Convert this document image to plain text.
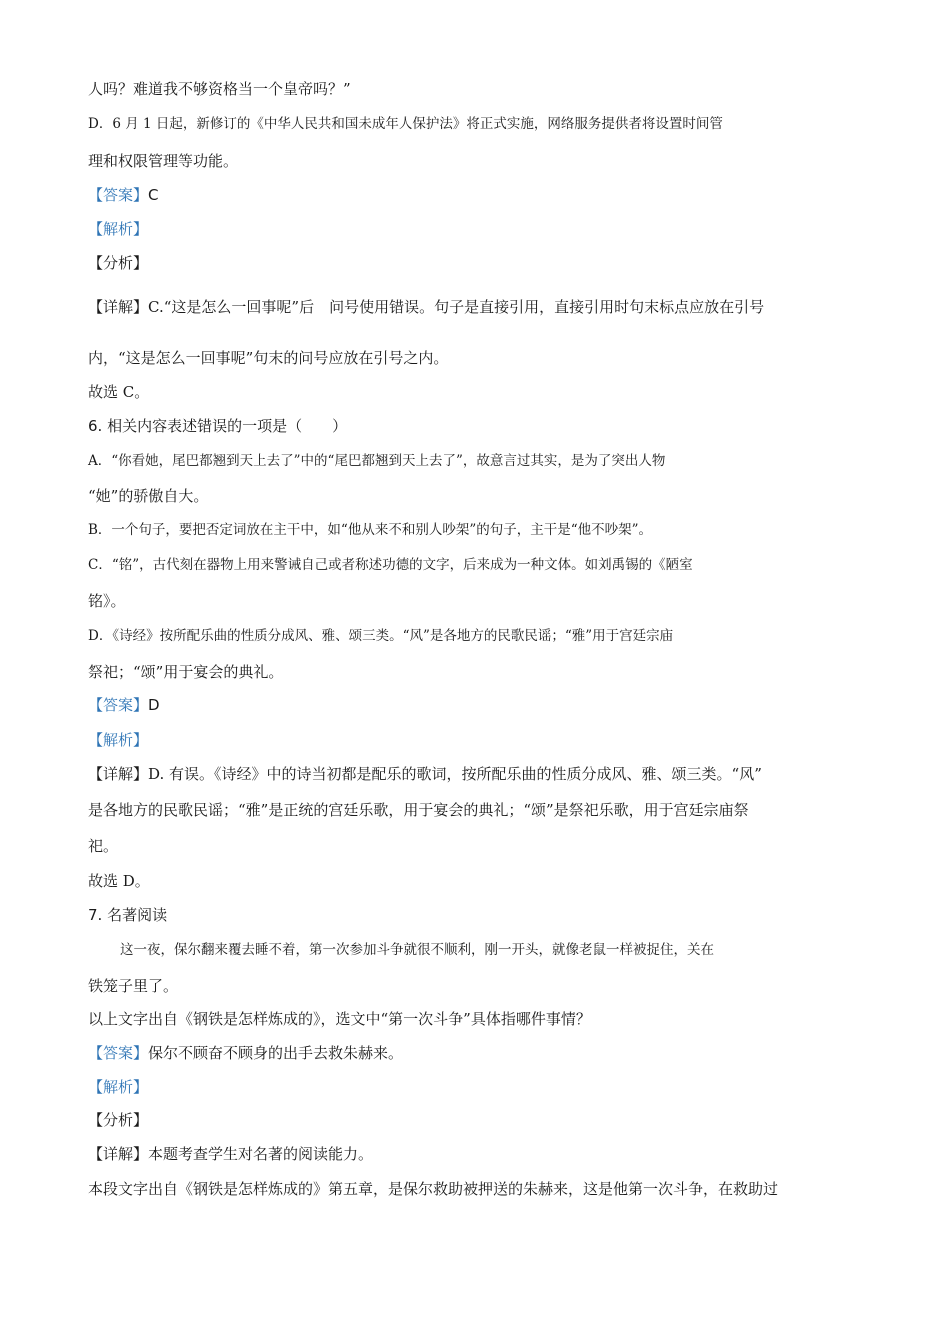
人吗？难道我不够资格当一个皇帝吗？”
D．6 月 1 日起，新修订的《中华人民共和国未成年人保护法》将正式实施，网络服务提供者将设置时间管
理和权限管理等功能。
【答案】C
【解析】
【分析】
【详解】C.“这是怎么一回事呢”后　问号使用错误。句子是直接引用，直接引用时句末标点应放在引号
内，“这是怎么一回事呢”句末的问号应放在引号之内。
故选 C。
6. 相关内容表述错误的一项是（　　）
A．“你看她，尾巴都翘到天上去了”中的“尾巴都翘到天上去了”，故意言过其实，是为了突出人物
“她”的骄傲自大。
B．一个句子，要把否定词放在主干中，如“他从来不和别人吵架”的句子，主干是“他不吵架”。
C．“铭”，古代刻在器物上用来警诫自己或者称述功德的文字，后来成为一种文体。如刘禹锡的《陋室
铭》。
D．《诗经》按所配乐曲的性质分成风、雅、颂三类。“风”是各地方的民歌民谣；“雅”用于宫廷宗庙
祭祀；“颂”用于宴会的典礼。
【答案】D
【解析】
【详解】D. 有误。《诗经》中的诗当初都是配乐的歌词，按所配乐曲的性质分成风、雅、颂三类。“风”
是各地方的民歌民谣；“雅”是正统的宫廷乐歌，用于宴会的典礼；“颂”是祭祀乐歌，用于宫廷宗庙祭
祀。
故选 D。
7. 名著阅读
这一夜，保尔翻来覆去睡不着，第一次参加斗争就很不顺利，刚一开头，就像老鼠一样被捉住，关在
铁笼子里了。
以上文字出自《钢铁是怎样炼成的》，选文中“第一次斗争”具体指哪件事情？
【答案】保尔不顾奋不顾身的出手去救朱赫来。
【解析】
【分析】
【详解】本题考查学生对名著的阅读能力。
本段文字出自《钢铁是怎样炼成的》第五章，是保尔救助被押送的朱赫来，这是他第一次斗争，在救助过
